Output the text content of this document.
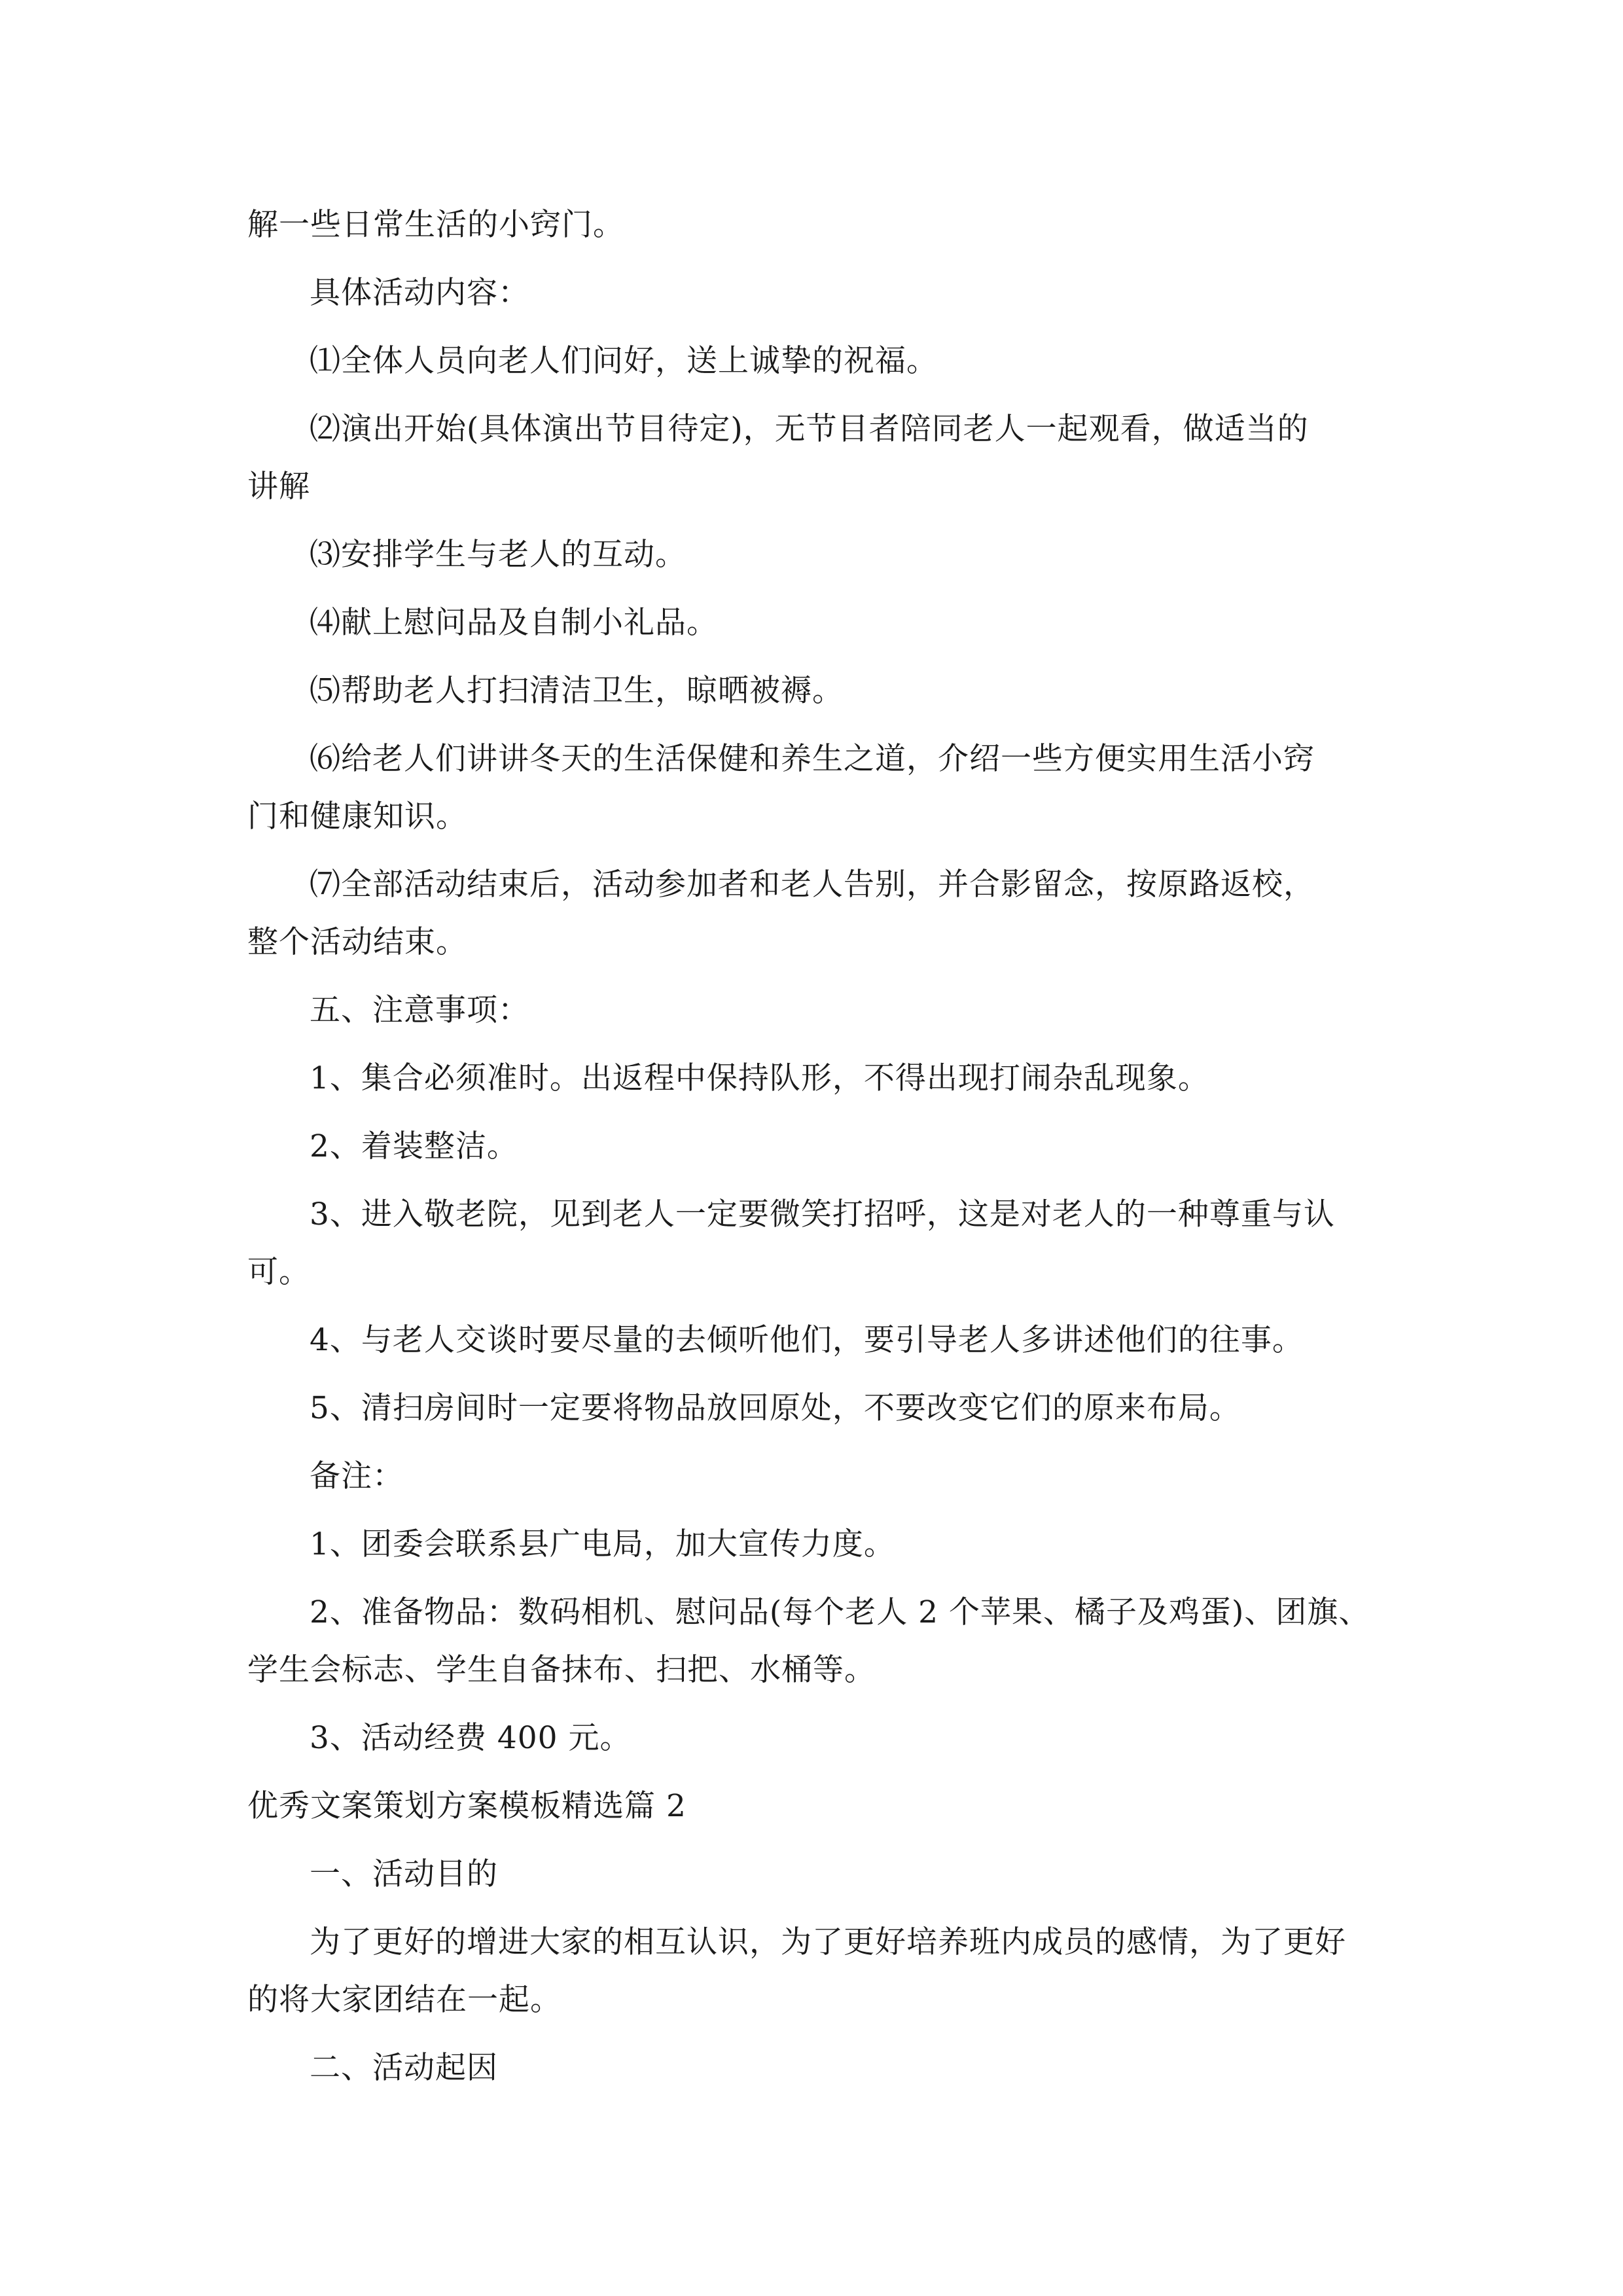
解一些日常生活的小窍门。

具体活动内容：

⑴全体人员向老人们问好，送上诚挚的祝福。

⑵演出开始(具体演出节目待定)，无节目者陪同老人一起观看，做适当的

讲解

⑶安排学生与老人的互动。

⑷献上慰问品及自制小礼品。

⑸帮助老人打扫清洁卫生，晾晒被褥。

⑹给老人们讲讲冬天的生活保健和养生之道，介绍一些方便实用生活小窍

门和健康知识。

⑺全部活动结束后，活动参加者和老人告别，并合影留念，按原路返校，

整个活动结束。

五、注意事项：

1、集合必须准时。出返程中保持队形，不得出现打闹杂乱现象。

2、着装整洁。

3、进入敬老院，见到老人一定要微笑打招呼，这是对老人的一种尊重与认

可。

4、与老人交谈时要尽量的去倾听他们，要引导老人多讲述他们的往事。

5、清扫房间时一定要将物品放回原处，不要改变它们的原来布局。

备注：

1、团委会联系县广电局，加大宣传力度。

2、准备物品：数码相机、慰问品(每个老人 2 个苹果、橘子及鸡蛋)、团旗、

学生会标志、学生自备抹布、扫把、水桶等。

3、活动经费 400 元。

优秀文案策划方案模板精选篇 2

一、活动目的

为了更好的增进大家的相互认识，为了更好培养班内成员的感情，为了更好

的将大家团结在一起。

二、活动起因
